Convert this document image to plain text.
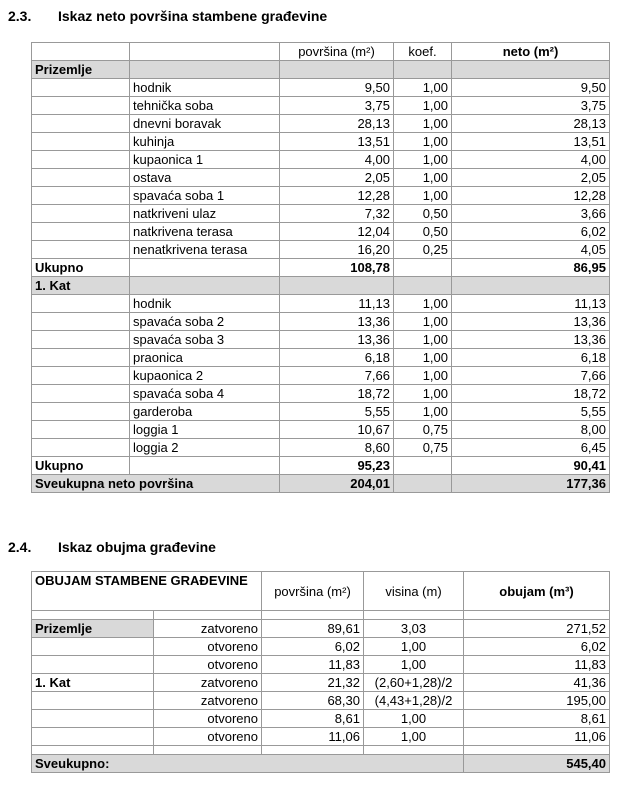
2.3. Iskaz neto površina stambene građevine
		površina (m²)	koef.	neto (m²)
Prizemlje				
	hodnik	9,50	1,00	9,50
	tehnička soba	3,75	1,00	3,75
	dnevni boravak	28,13	1,00	28,13
	kuhinja	13,51	1,00	13,51
	kupaonica 1	4,00	1,00	4,00
	ostava	2,05	1,00	2,05
	spavaća soba 1	12,28	1,00	12,28
	natkriveni ulaz	7,32	0,50	3,66
	natkrivena terasa	12,04	0,50	6,02
	nenatkrivena terasa	16,20	0,25	4,05
Ukupno		108,78		86,95
1. Kat				
	hodnik	11,13	1,00	11,13
	spavaća soba 2	13,36	1,00	13,36
	spavaća soba 3	13,36	1,00	13,36
	praonica	6,18	1,00	6,18
	kupaonica 2	7,66	1,00	7,66
	spavaća soba 4	18,72	1,00	18,72
	garderoba	5,55	1,00	5,55
	loggia 1	10,67	0,75	8,00
	loggia 2	8,60	0,75	6,45
Ukupno		95,23		90,41
Sveukupna neto površina		204,01		177,36
2.4. Iskaz obujma građevine
OBUJAM STAMBENE GRAĐEVINE		površina (m²)	visina (m)	obujam (m³)

Prizemlje	zatvoreno	89,61	3,03	271,52
	otvoreno	6,02	1,00	6,02
	otvoreno	11,83	1,00	11,83
1. Kat	zatvoreno	21,32	(2,60+1,28)/2	41,36
	zatvoreno	68,30	(4,43+1,28)/2	195,00
	otvoreno	8,61	1,00	8,61
	otvoreno	11,06	1,00	11,06

Sveukupno:				545,40
